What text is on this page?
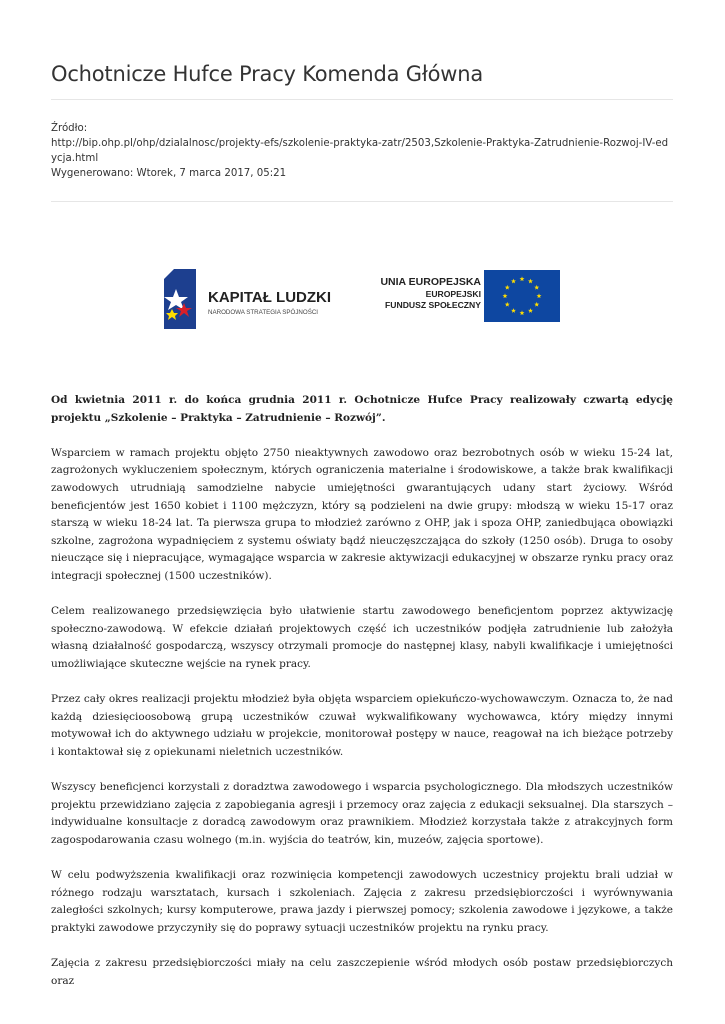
Ochotnicze Hufce Pracy Komenda Główna
Źródło:
http://bip.ohp.pl/ohp/dzialalnosc/projekty-efs/szkolenie-praktyka-zatr/2503,Szkolenie-Praktyka-Zatrudnienie-Rozwoj-IV-edycja.html
Wygenerowano: Wtorek, 7 marca 2017, 05:21
KAPITAŁ LUDZKI
NARODOWA STRATEGIA SPÓJNOŚCI
UNIA EUROPEJSKA
EUROPEJSKI
FUNDUSZ SPOŁECZNY

Od kwietnia 2011 r. do końca grudnia 2011 r. Ochotnicze Hufce Pracy realizowały czwartą edycję projektu „Szkolenie – Praktyka – Zatrudnienie – Rozwój”.

Wsparciem w ramach projektu objęto 2750 nieaktywnych zawodowo oraz bezrobotnych osób w wieku 15-24 lat, zagrożonych wykluczeniem społecznym, których ograniczenia materialne i środowiskowe, a także brak kwalifikacji zawodowych utrudniają samodzielne nabycie umiejętności gwarantujących udany start życiowy. Wśród beneficjentów jest 1650 kobiet i 1100 mężczyzn, który są podzieleni na dwie grupy: młodszą w wieku 15-17 oraz starszą w wieku 18-24 lat. Ta pierwsza grupa to młodzież zarówno z OHP, jak i spoza OHP, zaniedbująca obowiązki szkolne, zagrożona wypadnięciem z systemu oświaty bądź nieuczęszczająca do szkoły (1250 osób). Druga to osoby nieuczące się i niepracujące, wymagające wsparcia w zakresie aktywizacji edukacyjnej w obszarze rynku pracy oraz integracji społecznej (1500 uczestników).

Celem realizowanego przedsięwzięcia było ułatwienie startu zawodowego beneficjentom poprzez aktywizację społeczno-zawodową. W efekcie działań projektowych część ich uczestników podjęła zatrudnienie lub założyła własną działalność gospodarczą, wszyscy otrzymali promocje do następnej klasy, nabyli kwalifikacje i umiejętności umożliwiające skuteczne wejście na rynek pracy.

Przez cały okres realizacji projektu młodzież była objęta wsparciem opiekuńczo-wychowawczym. Oznacza to, że nad każdą dziesięcioosobową grupą uczestników czuwał wykwalifikowany wychowawca, który między innymi motywował ich do aktywnego udziału w projekcie, monitorował postępy w nauce, reagował na ich bieżące potrzeby i kontaktował się z opiekunami nieletnich uczestników.

Wszyscy beneficjenci korzystali z doradztwa zawodowego i wsparcia psychologicznego. Dla młodszych uczestników projektu przewidziano zajęcia z zapobiegania agresji i przemocy oraz zajęcia z edukacji seksualnej. Dla starszych – indywidualne konsultacje z doradcą zawodowym oraz prawnikiem. Młodzież korzystała także z atrakcyjnych form zagospodarowania czasu wolnego (m.in. wyjścia do teatrów, kin, muzeów, zajęcia sportowe).

W celu podwyższenia kwalifikacji oraz rozwinięcia kompetencji zawodowych uczestnicy projektu brali udział w różnego rodzaju warsztatach, kursach i szkoleniach. Zajęcia z zakresu przedsiębiorczości i wyrównywania zaległości szkolnych; kursy komputerowe, prawa jazdy i pierwszej pomocy; szkolenia zawodowe i językowe, a także praktyki zawodowe przyczyniły się do poprawy sytuacji uczestników projektu na rynku pracy.

Zajęcia z zakresu przedsiębiorczości miały na celu zaszczepienie wśród młodych osób postaw przedsiębiorczych oraz
